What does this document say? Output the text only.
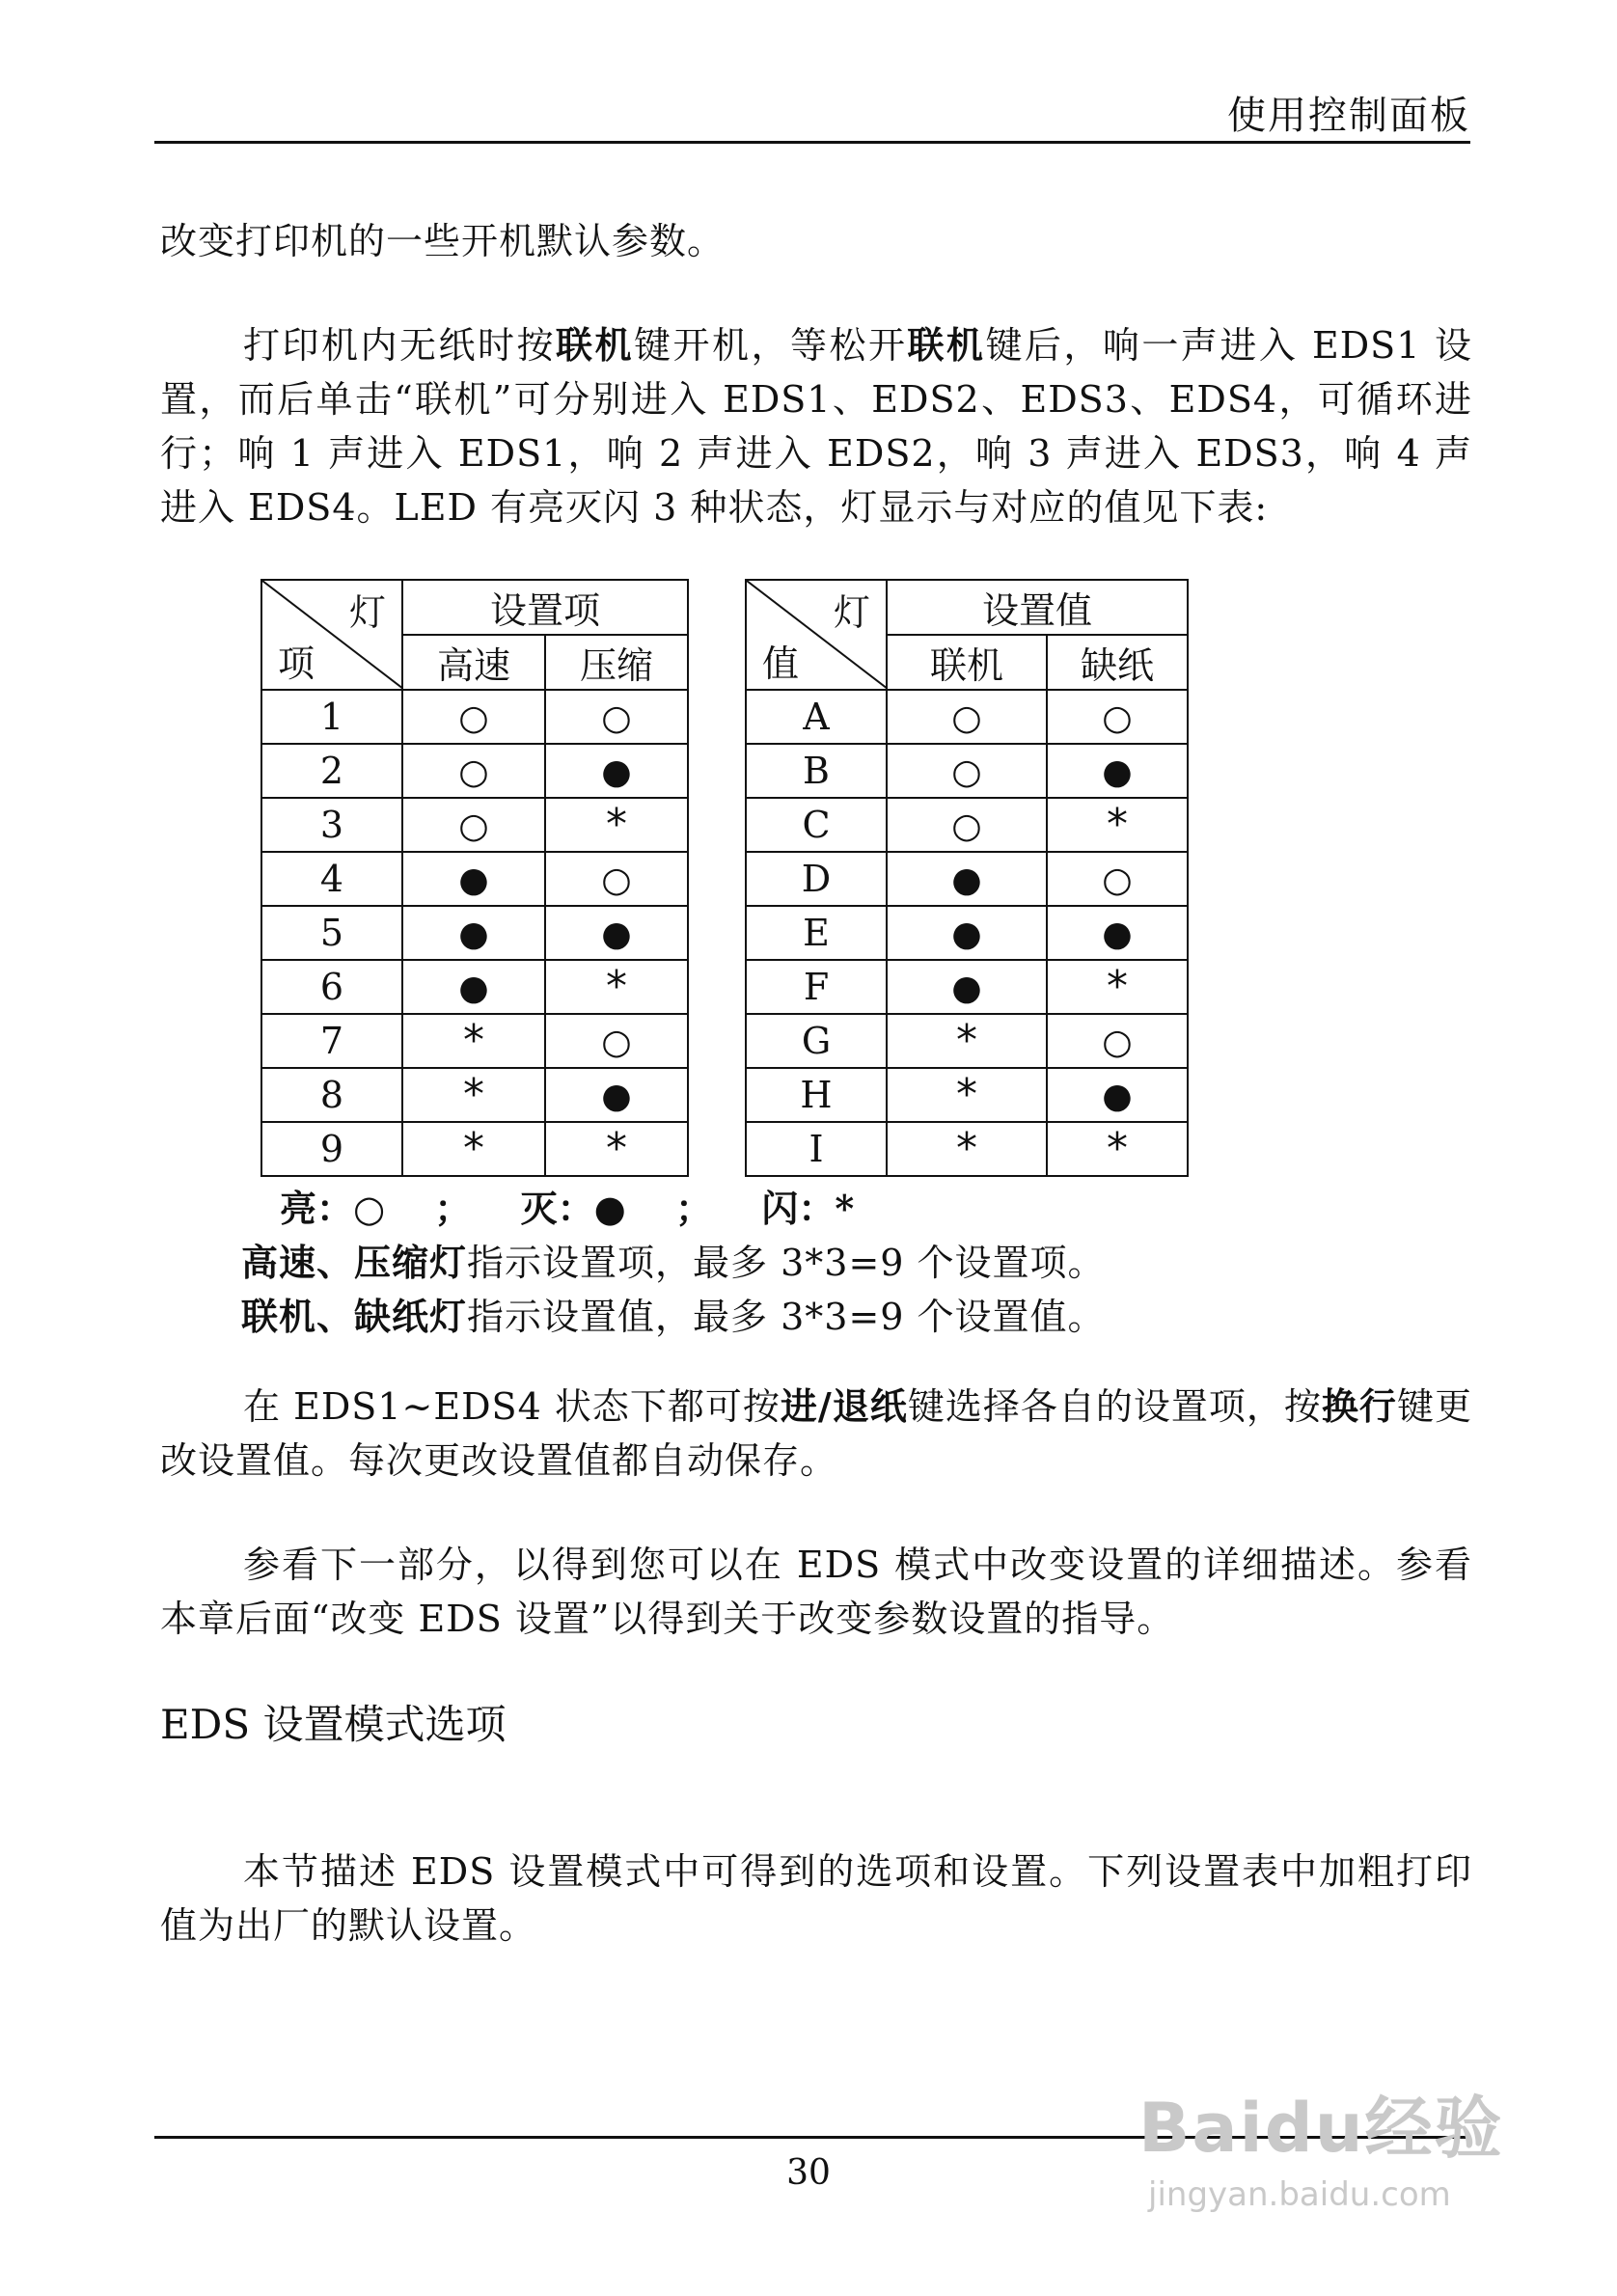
使用控制面板

改变打印机的一些开机默认参数。

打印机内无纸时按联机键开机，等松开联机键后，响一声进入 EDS1 设置，而后单击“联机”可分别进入 EDS1、EDS2、EDS3、EDS4，可循环进行；响 1 声进入 EDS1，响 2 声进入 EDS2，响 3 声进入 EDS3，响 4 声进入 EDS4。LED 有亮灭闪 3 种状态，灯显示与对应的值见下表:

灯
项	设置项	
	高速	压缩
1	○	○
2	○	●
3	○	*
4	●	○
5	●	●
6	●	*
7	*	○
8	*	●
9	*	*
灯
值	设置值	
	联机	缺纸
A	○	○
B	○	●
C	○	*
D	●	○
E	●	●
F	●	*
G	*	○
H	*	●
I	*	*
亮：○ ； 灭：● ； 闪：*
高速、压缩灯指示设置项，最多 3*3=9 个设置项。
联机、缺纸灯指示设置值，最多 3*3=9 个设置值。

在 EDS1~EDS4 状态下都可按进/退纸键选择各自的设置项，按换行键更改设置值。每次更改设置值都自动保存。

参看下一部分，以得到您可以在 EDS 模式中改变设置的详细描述。参看本章后面“改变 EDS 设置”以得到关于改变参数设置的指导。

EDS 设置模式选项

本节描述 EDS 设置模式中可得到的选项和设置。下列设置表中加粗打印值为出厂的默认设置。

30
Baidu经验
jingyan.baidu.com
